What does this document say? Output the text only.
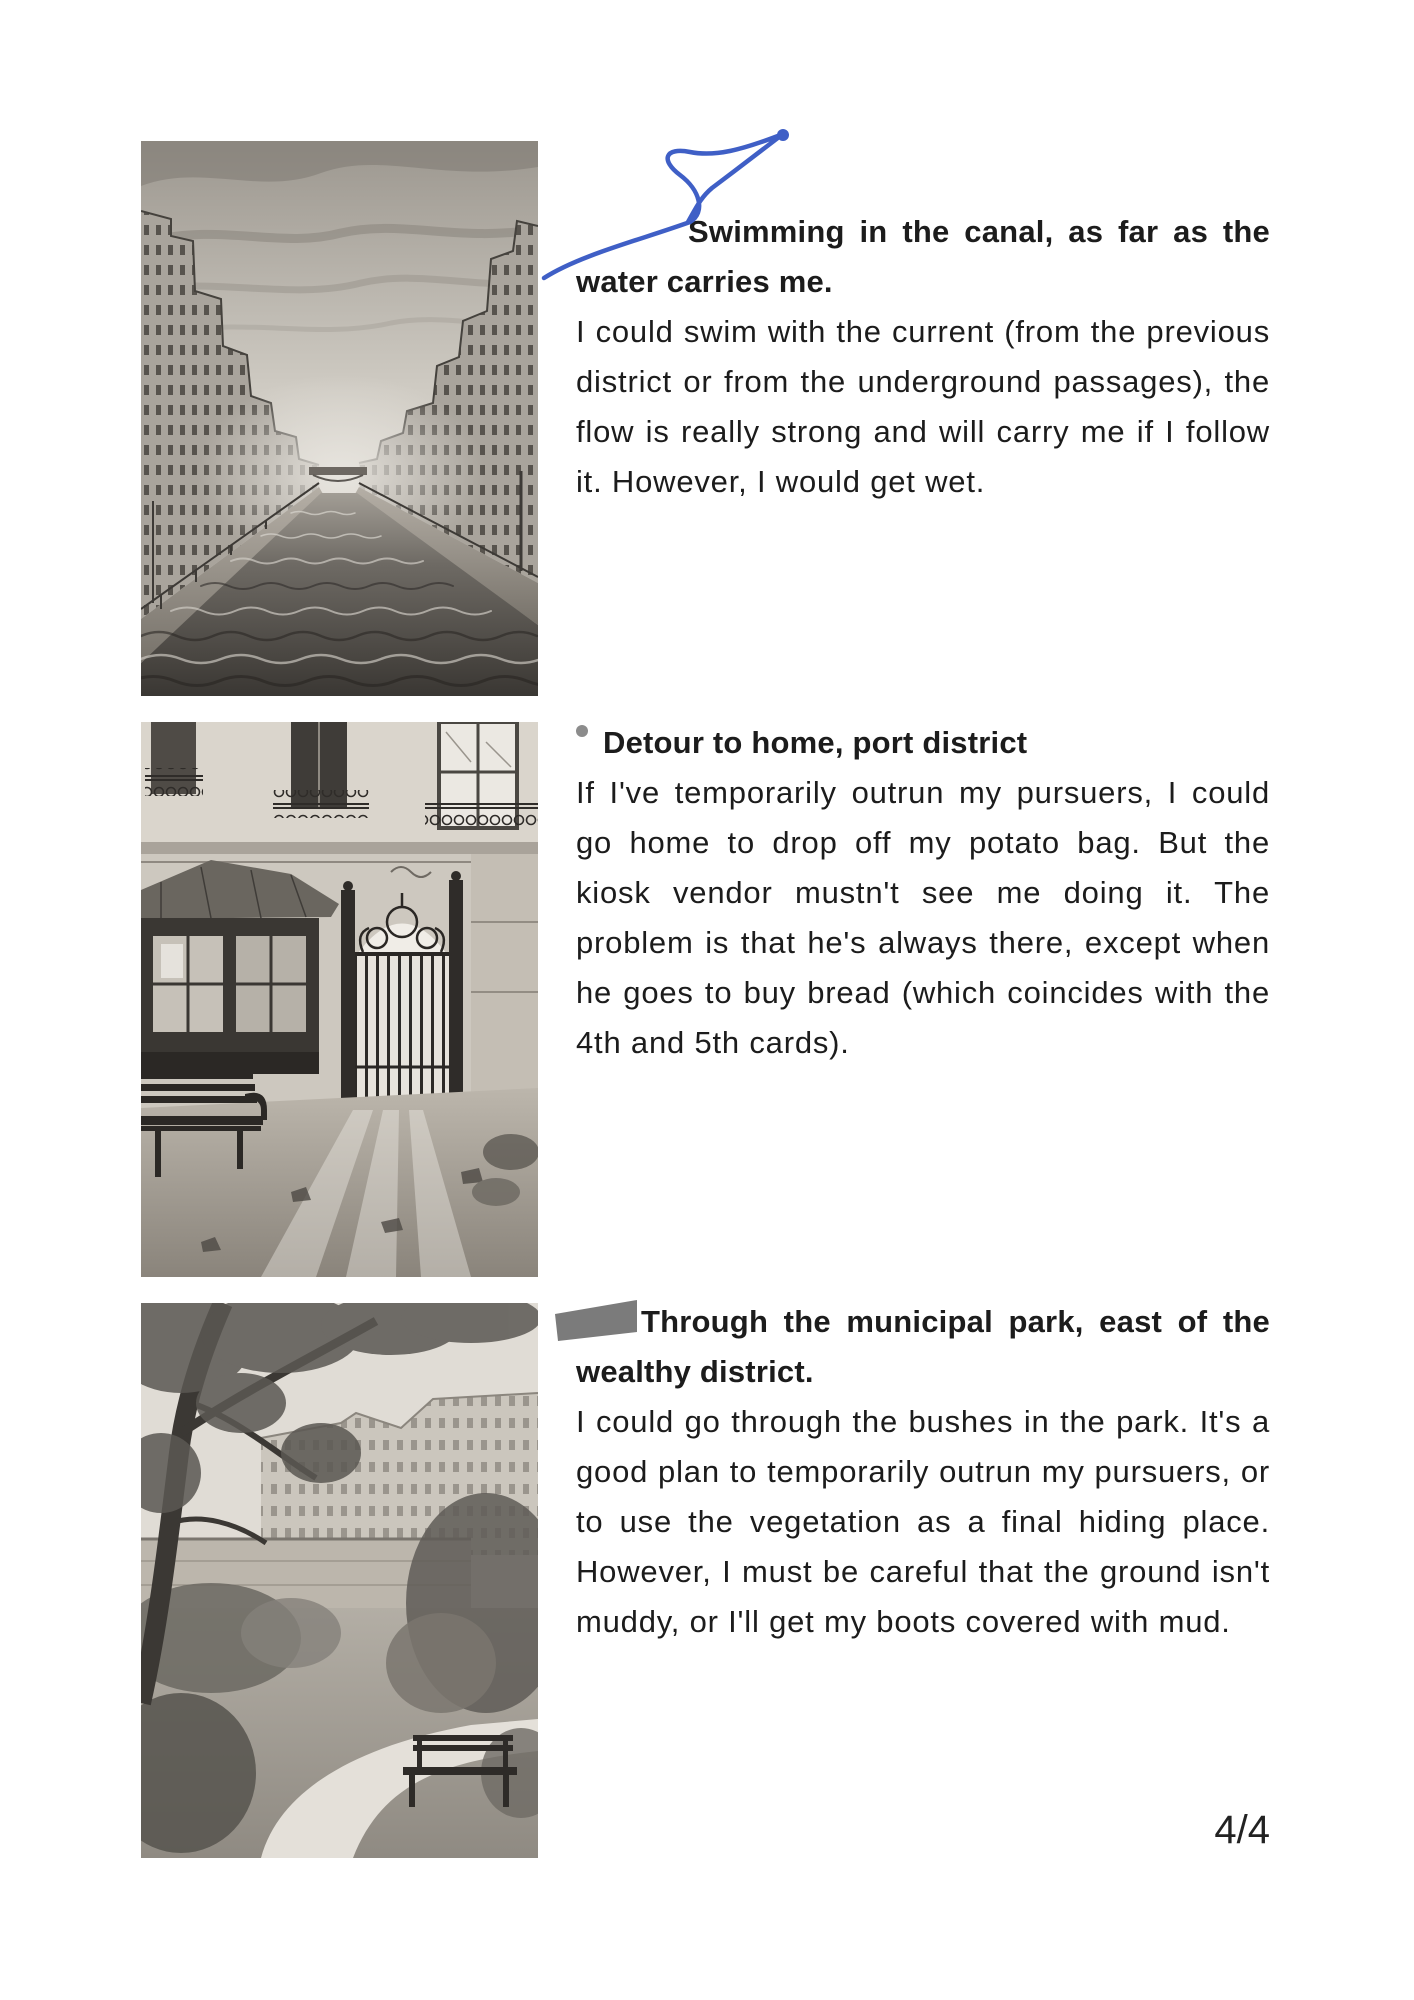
Swimming in the canal, as far as the water carries me.

I could swim with the current (from the previous district or from the underground passages), the flow is really strong and will carry me if I follow it. However, I would get wet.

Detour to home, port district

If I've temporarily outrun my pursuers, I could go home to drop off my potato bag. But the kiosk vendor mustn't see me doing it. The problem is that he's always there, except when he goes to buy bread (which coincides with the 4th and 5th cards).

Through the municipal park, east of the wealthy district.

I could go through the bushes in the park. It's a good plan to temporarily outrun my pursuers, or to use the vegetation as a final hiding place. However, I must be careful that the ground isn't muddy, or I'll get my boots covered with mud.

4/4
